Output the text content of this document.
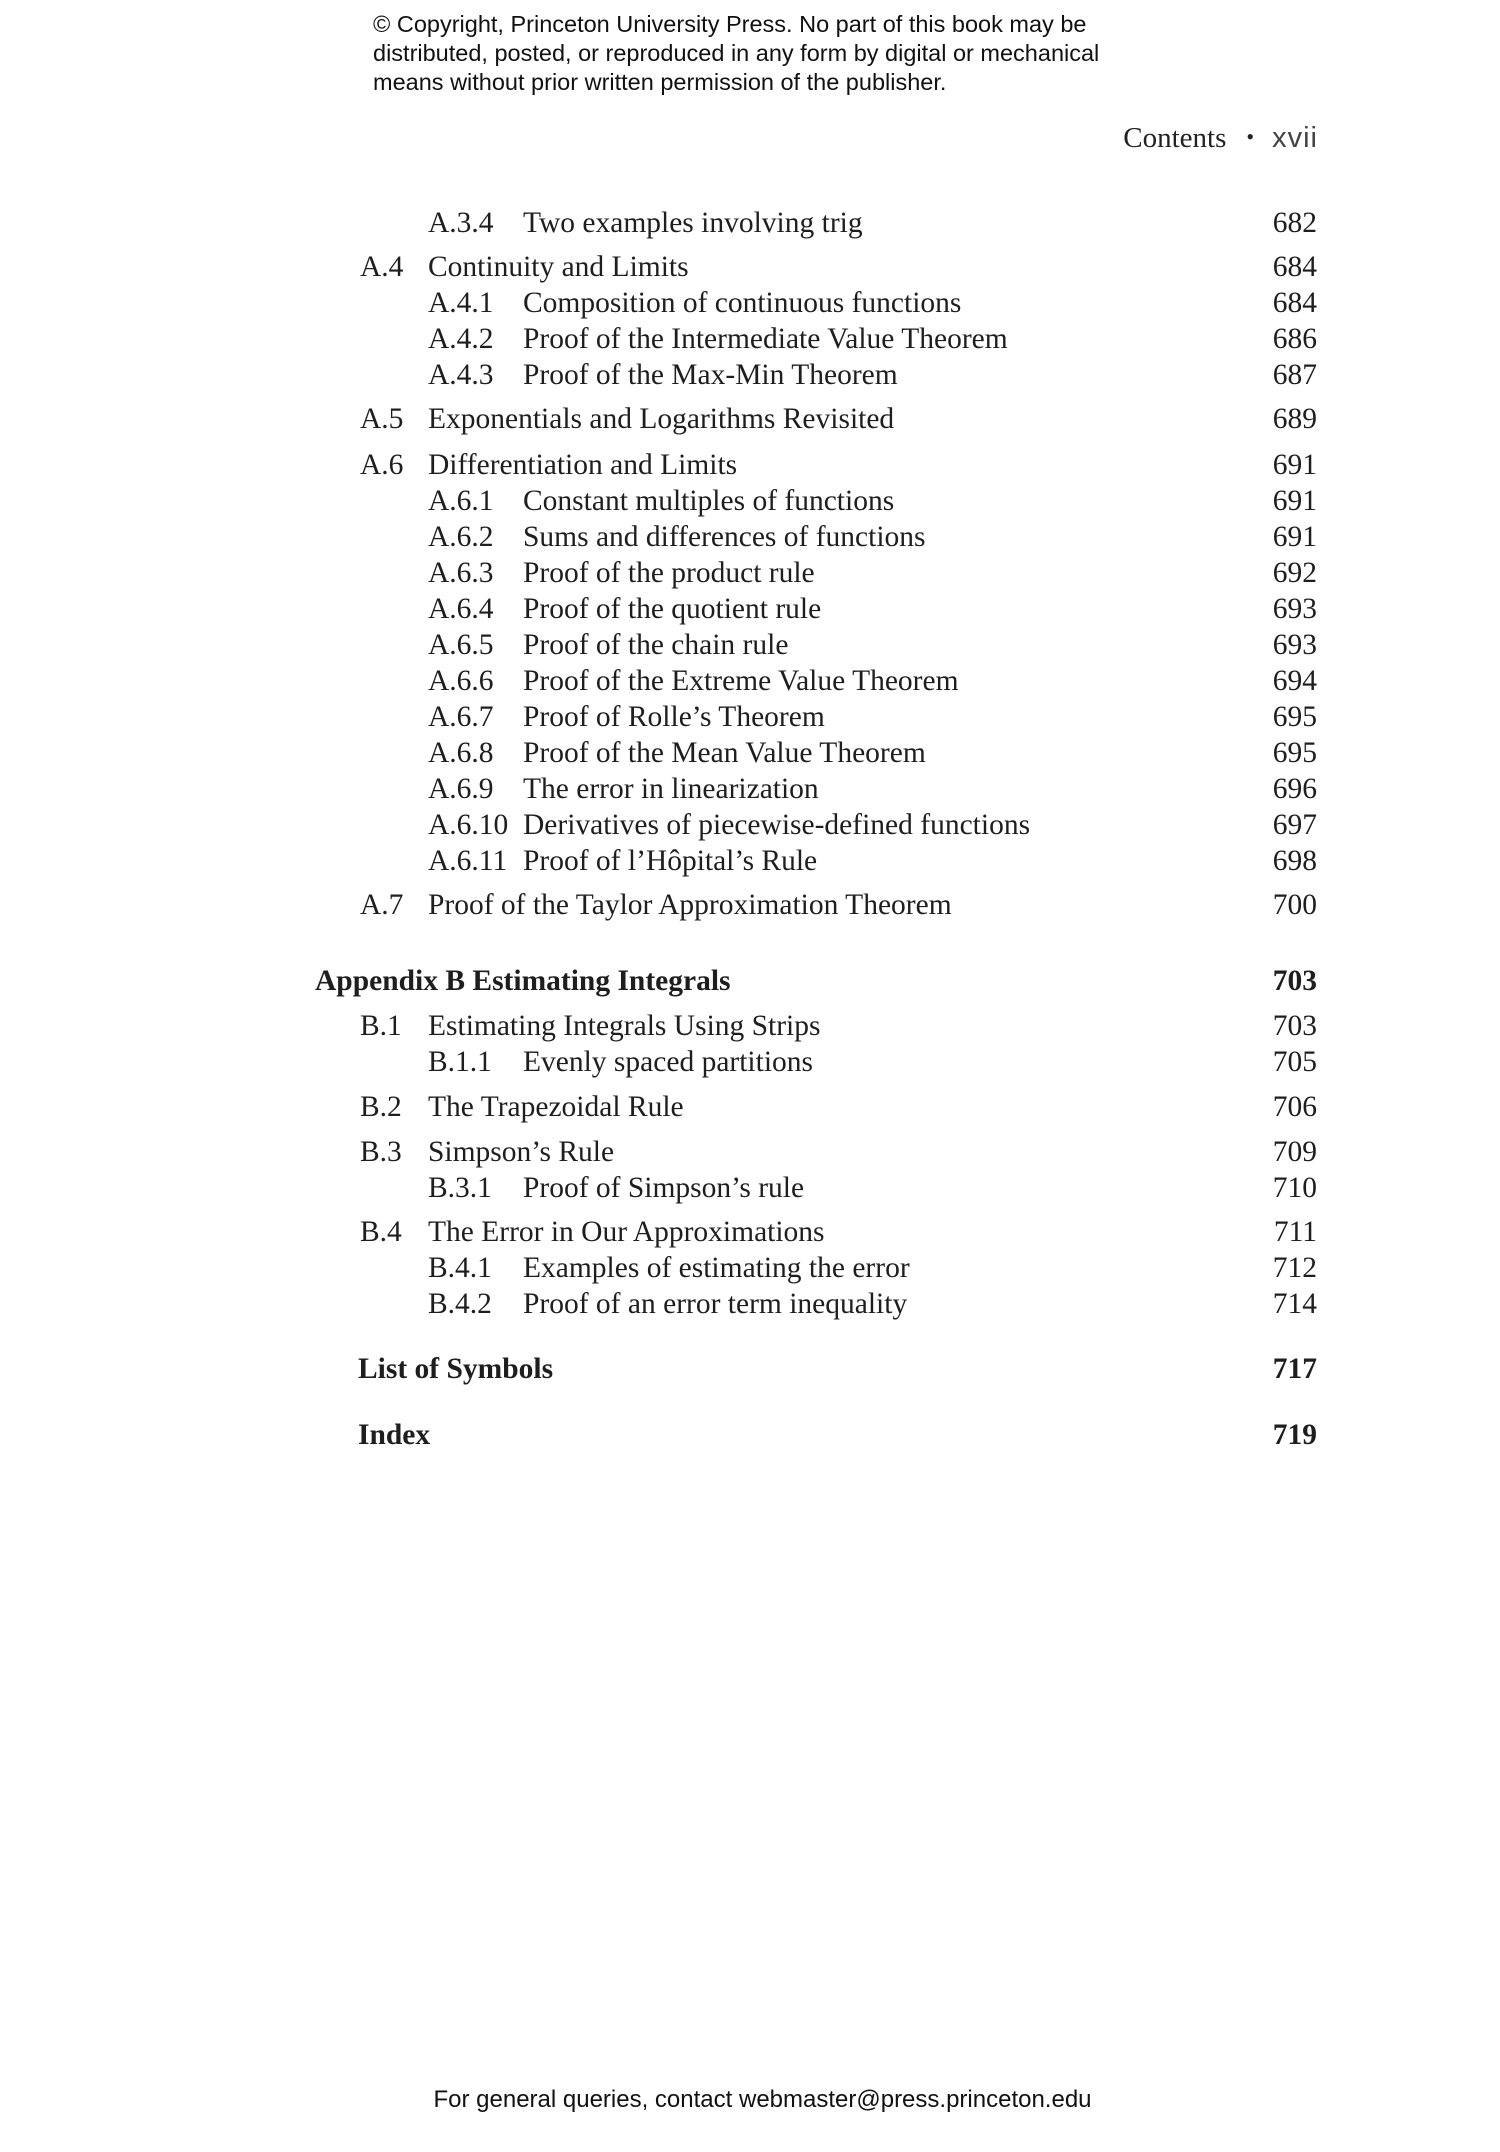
© Copyright, Princeton University Press. No part of this book may be
distributed, posted, or reproduced in any form by digital or mechanical
means without prior written permission of the publisher.
Contents • xvii
A.3.4 Two examples involving trig	682
A.4 Continuity and Limits	684
A.4.1 Composition of continuous functions	684
A.4.2 Proof of the Intermediate Value Theorem	686
A.4.3 Proof of the Max-Min Theorem	687
A.5 Exponentials and Logarithms Revisited	689
A.6 Differentiation and Limits	691
A.6.1 Constant multiples of functions	691
A.6.2 Sums and differences of functions	691
A.6.3 Proof of the product rule	692
A.6.4 Proof of the quotient rule	693
A.6.5 Proof of the chain rule	693
A.6.6 Proof of the Extreme Value Theorem	694
A.6.7 Proof of Rolle’s Theorem	695
A.6.8 Proof of the Mean Value Theorem	695
A.6.9 The error in linearization	696
A.6.10 Derivatives of piecewise-defined functions	697
A.6.11 Proof of l’Hôpital’s Rule	698
A.7 Proof of the Taylor Approximation Theorem	700
Appendix B Estimating Integrals	703
B.1 Estimating Integrals Using Strips	703
B.1.1 Evenly spaced partitions	705
B.2 The Trapezoidal Rule	706
B.3 Simpson’s Rule	709
B.3.1 Proof of Simpson’s rule	710
B.4 The Error in Our Approximations	711
B.4.1 Examples of estimating the error	712
B.4.2 Proof of an error term inequality	714
List of Symbols	717
Index	719
For general queries, contact webmaster@press.princeton.edu
